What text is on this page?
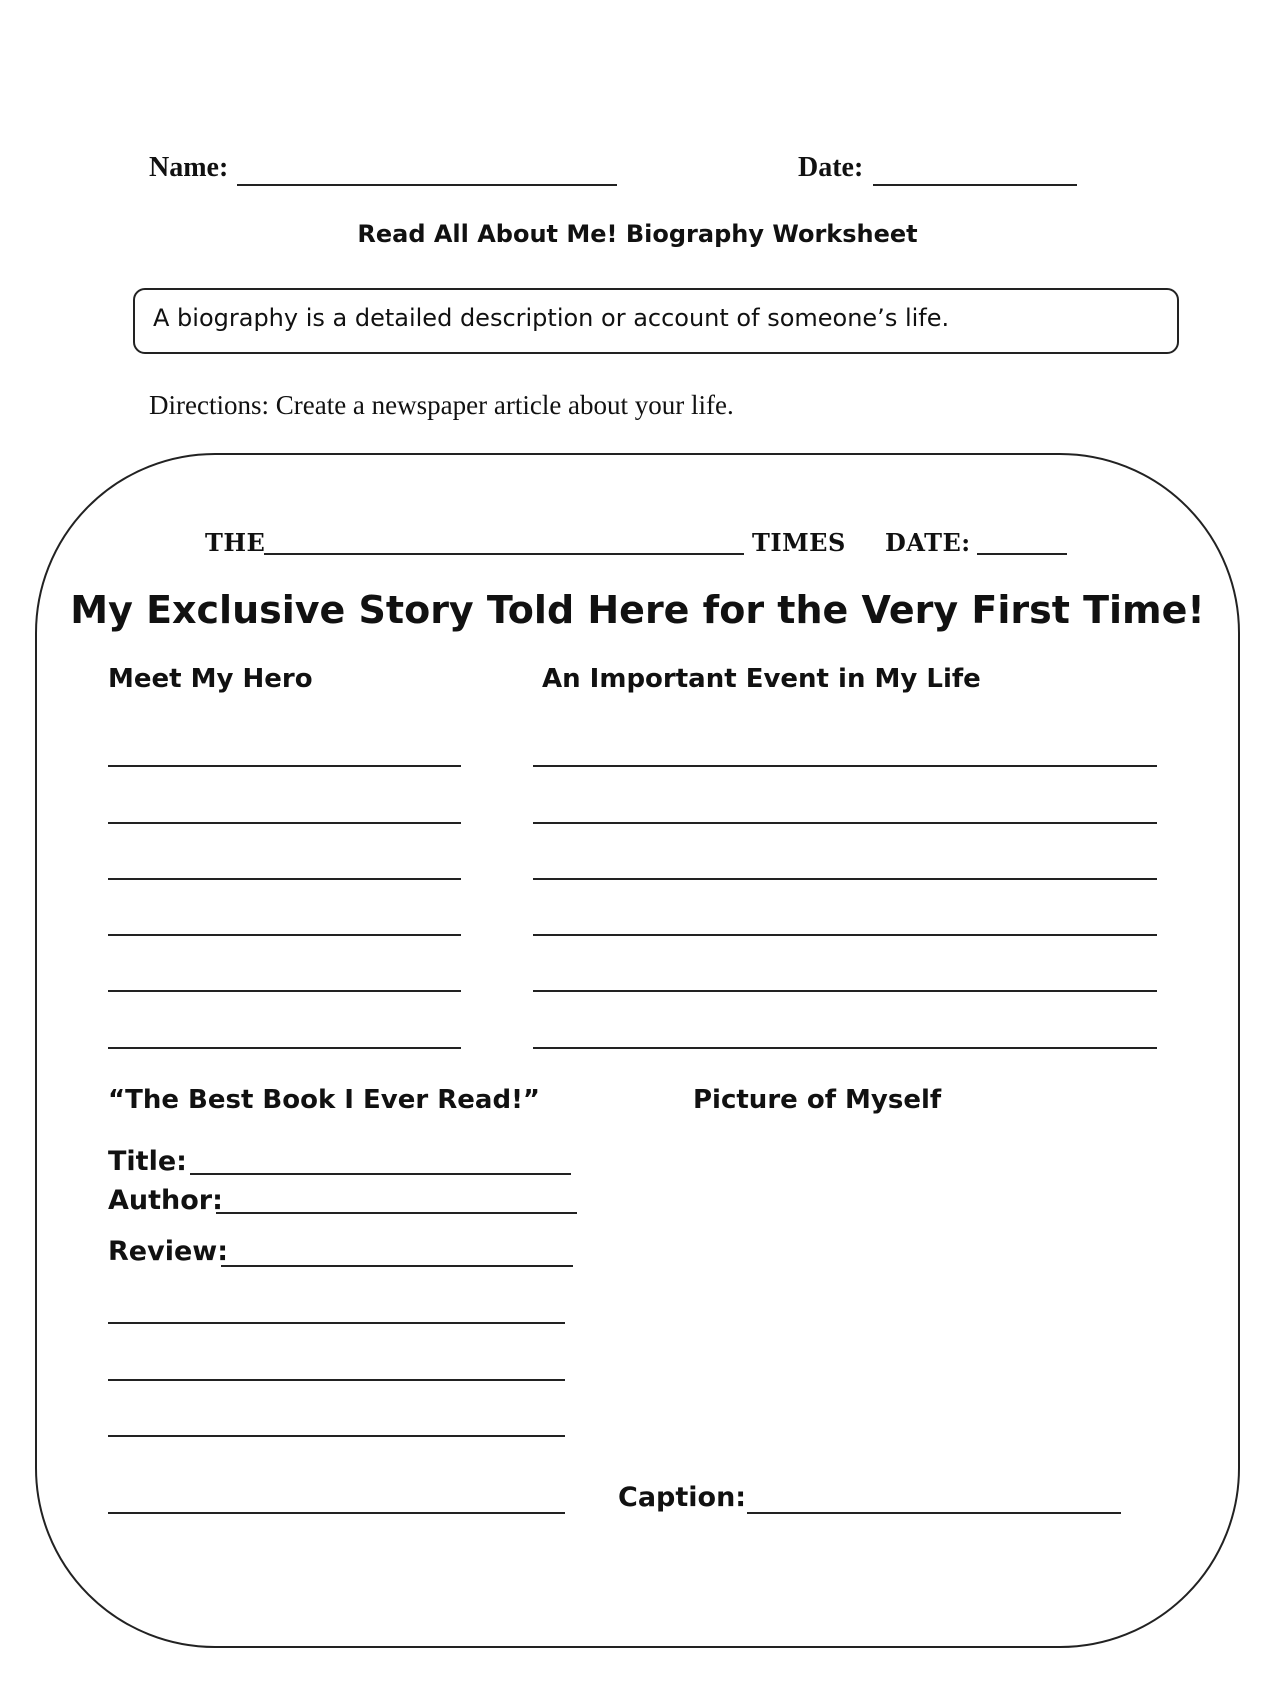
Name:	Date:
Read All About Me! Biography Worksheet
A biography is a detailed description or account of someone’s life.
Directions: Create a newspaper article about your life.
THE	TIMES DATE:
My Exclusive Story Told Here for the Very First Time!
Meet My Hero	An Important Event in My Life
“The Best Book I Ever Read!”	Picture of Myself
Title:
Author:
Review:
Caption:
